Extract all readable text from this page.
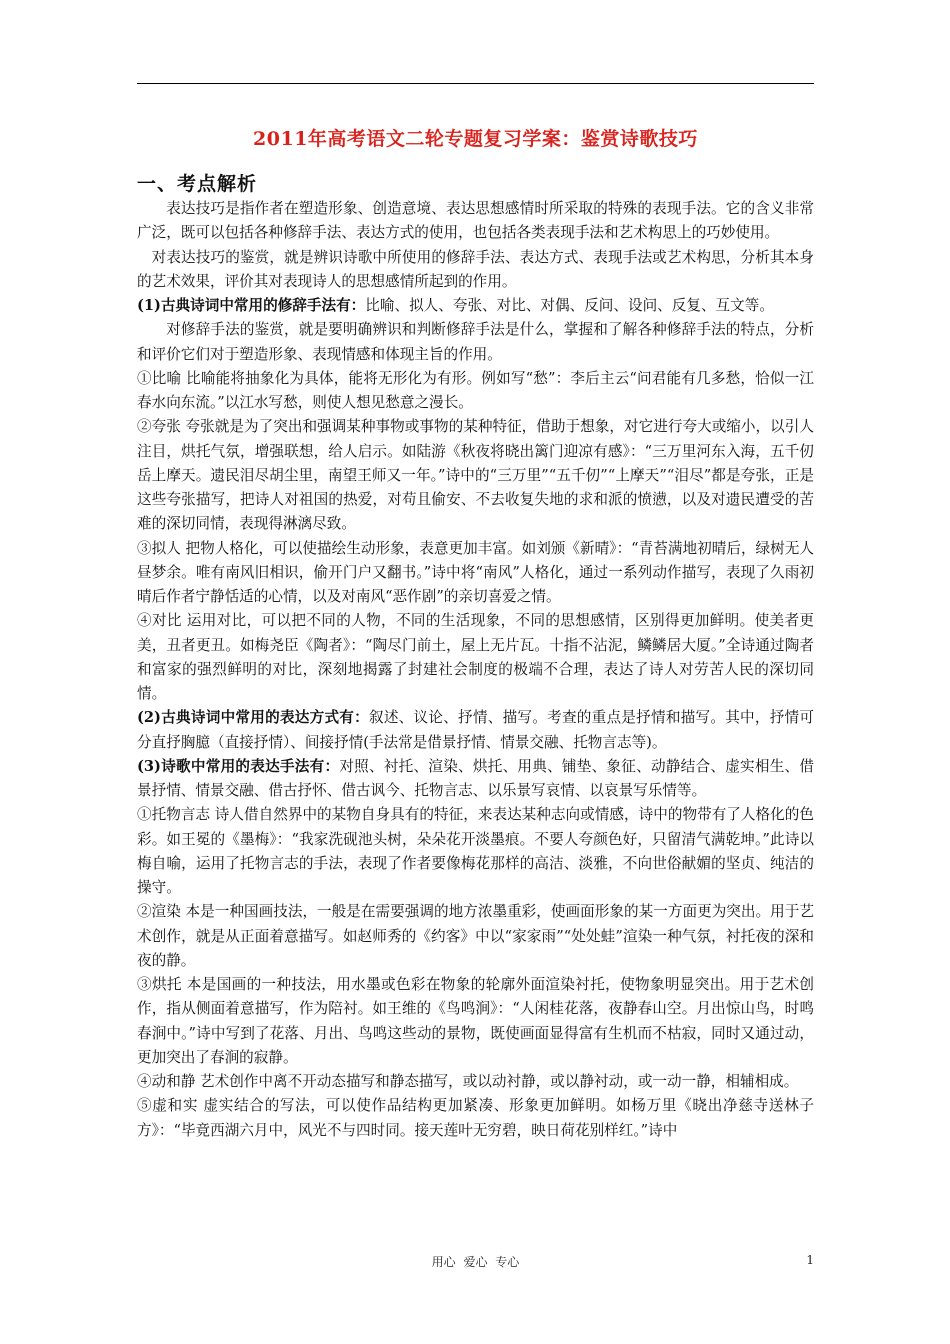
2011年高考语文二轮专题复习学案：鉴赏诗歌技巧
一、考点解析

表达技巧是指作者在塑造形象、创造意境、表达思想感情时所采取的特殊的表现手法。它的含义非常广泛，既可以包括各种修辞手法、表达方式的使用，也包括各类表现手法和艺术构思上的巧妙使用。

对表达技巧的鉴赏，就是辨识诗歌中所使用的修辞手法、表达方式、表现手法或艺术构思，分析其本身的艺术效果，评价其对表现诗人的思想感情所起到的作用。

(1)古典诗词中常用的修辞手法有：比喻、拟人、夸张、对比、对偶、反问、设问、反复、互文等。

对修辞手法的鉴赏，就是要明确辨识和判断修辞手法是什么，掌握和了解各种修辞手法的特点，分析和评价它们对于塑造形象、表现情感和体现主旨的作用。

①比喻 比喻能将抽象化为具体，能将无形化为有形。例如写“愁”：李后主云“问君能有几多愁，恰似一江春水向东流。”以江水写愁，则使人想见愁意之漫长。

②夸张 夸张就是为了突出和强调某种事物或事物的某种特征，借助于想象，对它进行夸大或缩小，以引人注目，烘托气氛，增强联想，给人启示。如陆游《秋夜将晓出篱门迎凉有感》：“三万里河东入海，五千仞岳上摩天。遗民泪尽胡尘里，南望王师又一年。”诗中的“三万里”“五千仞”“上摩天”“泪尽”都是夸张，正是这些夸张描写，把诗人对祖国的热爱，对苟且偷安、不去收复失地的求和派的愤懑，以及对遗民遭受的苦难的深切同情，表现得淋漓尽致。

③拟人 把物人格化，可以使描绘生动形象，表意更加丰富。如刘颁《新晴》：“青苔满地初晴后，绿树无人昼梦余。唯有南风旧相识，偷开门户又翻书。”诗中将“南风”人格化，通过一系列动作描写，表现了久雨初晴后作者宁静恬适的心情，以及对南风“恶作剧”的亲切喜爱之情。

④对比 运用对比，可以把不同的人物，不同的生活现象，不同的思想感情，区别得更加鲜明。使美者更美，丑者更丑。如梅尧臣《陶者》：“陶尽门前土，屋上无片瓦。十指不沾泥，鳞鳞居大厦。”全诗通过陶者和富家的强烈鲜明的对比，深刻地揭露了封建社会制度的极端不合理，表达了诗人对劳苦人民的深切同情。

(2)古典诗词中常用的表达方式有：叙述、议论、抒情、描写。考查的重点是抒情和描写。其中，抒情可分直抒胸臆（直接抒情）、间接抒情(手法常是借景抒情、情景交融、托物言志等)。

(3)诗歌中常用的表达手法有：对照、衬托、渲染、烘托、用典、铺垫、象征、动静结合、虚实相生、借景抒情、情景交融、借古抒怀、借古讽今、托物言志、以乐景写哀情、以哀景写乐情等。

①托物言志 诗人借自然界中的某物自身具有的特征，来表达某种志向或情感，诗中的物带有了人格化的色彩。如王冕的《墨梅》：“我家洗砚池头树，朵朵花开淡墨痕。不要人夸颜色好，只留清气满乾坤。”此诗以梅自喻，运用了托物言志的手法，表现了作者要像梅花那样的高洁、淡雅，不向世俗献媚的坚贞、纯洁的操守。

②渲染 本是一种国画技法，一般是在需要强调的地方浓墨重彩，使画面形象的某一方面更为突出。用于艺术创作，就是从正面着意描写。如赵师秀的《约客》中以“家家雨”“处处蛙”渲染一种气氛，衬托夜的深和夜的静。

③烘托 本是国画的一种技法，用水墨或色彩在物象的轮廓外面渲染衬托，使物象明显突出。用于艺术创作，指从侧面着意描写，作为陪衬。如王维的《鸟鸣涧》：“人闲桂花落，夜静春山空。月出惊山鸟，时鸣春涧中。”诗中写到了花落、月出、鸟鸣这些动的景物，既使画面显得富有生机而不枯寂，同时又通过动，更加突出了春涧的寂静。

④动和静 艺术创作中离不开动态描写和静态描写，或以动衬静，或以静衬动，或一动一静，相辅相成。

⑤虚和实 虚实结合的写法，可以使作品结构更加紧凑、形象更加鲜明。如杨万里《晓出净慈寺送林子方》：“毕竟西湖六月中，风光不与四时同。接天莲叶无穷碧，映日荷花别样红。”诗中

用心 爱心 专心	1
